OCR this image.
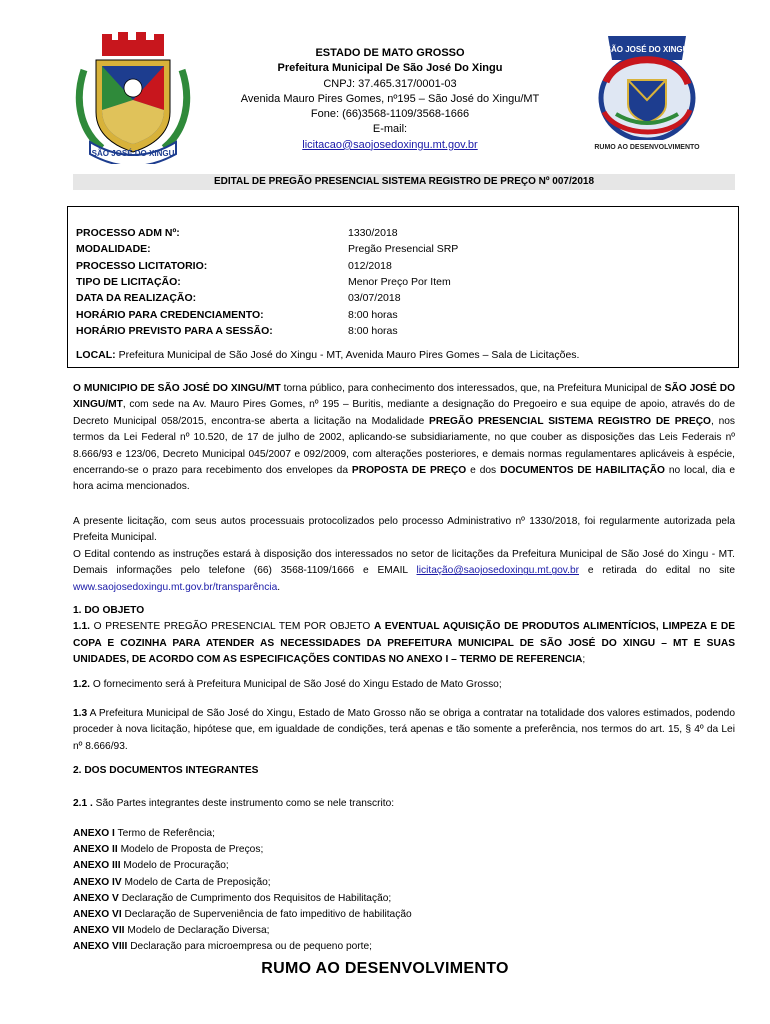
SÃO JOSÉ DO XINGU
SÃO JOSÉ DO XINGU
RUMO AO DESENVOLVIMENTO
ESTADO DE MATO GROSSO
Prefeitura Municipal De São José Do Xingu
CNPJ: 37.465.317/0001-03
Avenida Mauro Pires Gomes, nº195 – São José do Xingu/MT
Fone: (66)3568-1109/3568-1666
E-mail:
licitacao@saojosedoxingu.mt.gov.br
EDITAL DE PREGÃO PRESENCIAL SISTEMA REGISTRO DE PREÇO Nº 007/2018
PROCESSO ADM Nº:	1330/2018
MODALIDADE:	Pregão Presencial SRP
PROCESSO LICITATORIO:	012/2018
TIPO DE LICITAÇÃO:	Menor Preço Por Item
DATA DA REALIZAÇÃO:	03/07/2018
HORÁRIO PARA CREDENCIAMENTO:	8:00 horas
HORÁRIO PREVISTO PARA A SESSÃO:	8:00 horas
LOCAL: Prefeitura Municipal de São José do Xingu - MT, Avenida Mauro Pires Gomes – Sala de Licitações.

O MUNICIPIO DE SÃO JOSÉ DO XINGU/MT torna público, para conhecimento dos interessados, que, na Prefeitura Municipal de SÃO JOSÉ DO XINGU/MT, com sede na Av. Mauro Pires Gomes, nº 195 – Buritis, mediante a designação do Pregoeiro e sua equipe de apoio, através do de Decreto Municipal 058/2015, encontra-se aberta a licitação na Modalidade PREGÃO PRESENCIAL SISTEMA REGISTRO DE PREÇO, nos termos da Lei Federal nº 10.520, de 17 de julho de 2002, aplicando-se subsidiariamente, no que couber as disposições das Leis Federais nº 8.666/93 e 123/06, Decreto Municipal 045/2007 e 092/2009, com alterações posteriores, e demais normas regulamentares aplicáveis à espécie, encerrando-se o prazo para recebimento dos envelopes da PROPOSTA DE PREÇO e dos DOCUMENTOS DE HABILITAÇÃO no local, dia e hora acima mencionados.

A presente licitação, com seus autos processuais protocolizados pelo processo Administrativo nº 1330/2018, foi regularmente autorizada pela Prefeita Municipal.

O Edital contendo as instruções estará à disposição dos interessados no setor de licitações da Prefeitura Municipal de São José do Xingu - MT. Demais informações pelo telefone (66) 3568-1109/1666 e EMAIL licitação@saojosedoxingu.mt.gov.br e retirada do edital no site www.saojosedoxingu.mt.gov.br/transparência.

1. DO OBJETO

1.1. O PRESENTE PREGÃO PRESENCIAL TEM POR OBJETO A EVENTUAL AQUISIÇÃO DE PRODUTOS ALIMENTÍCIOS, LIMPEZA E DE COPA E COZINHA PARA ATENDER AS NECESSIDADES DA PREFEITURA MUNICIPAL DE SÃO JOSÉ DO XINGU – MT E SUAS UNIDADES, DE ACORDO COM AS ESPECIFICAÇÕES CONTIDAS NO ANEXO I – TERMO DE REFERENCIA;

1.2. O fornecimento será à Prefeitura Municipal de São José do Xingu Estado de Mato Grosso;

1.3 A Prefeitura Municipal de São José do Xingu, Estado de Mato Grosso não se obriga a contratar na totalidade dos valores estimados, podendo proceder à nova licitação, hipótese que, em igualdade de condições, terá apenas e tão somente a preferência, nos termos do art. 15, § 4º da Lei nº 8.666/93.

2. DOS DOCUMENTOS INTEGRANTES

2.1 . São Partes integrantes deste instrumento como se nele transcrito:

ANEXO I Termo de Referência;
ANEXO II Modelo de Proposta de Preços;
ANEXO III Modelo de Procuração;
ANEXO IV Modelo de Carta de Preposição;
ANEXO V Declaração de Cumprimento dos Requisitos de Habilitação;
ANEXO VI Declaração de Superveniência de fato impeditivo de habilitação
ANEXO VII Modelo de Declaração Diversa;
ANEXO VIII Declaração para microempresa ou de pequeno porte;
RUMO AO DESENVOLVIMENTO
